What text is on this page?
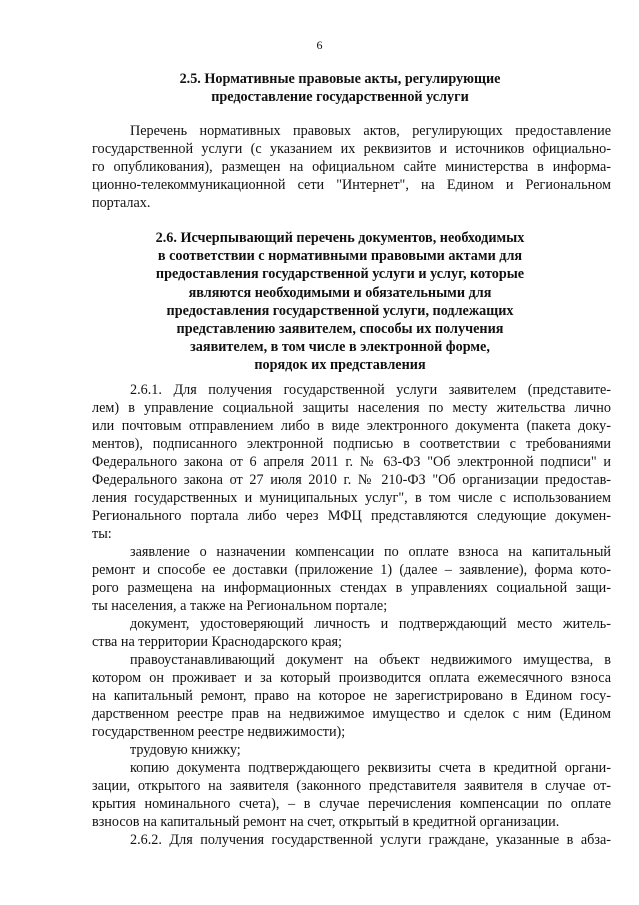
6
2.5. Нормативные правовые акты, регулирующие
предоставление государственной услуги
Перечень нормативных правовых актов, регулирующих предоставление
государственной услуги (с указанием их реквизитов и источников официально-
го опубликования), размещен на официальном сайте министерства в информа-
ционно-телекоммуникационной сети "Интернет", на Едином и Региональном
порталах.
2.6. Исчерпывающий перечень документов, необходимых
в соответствии с нормативными правовыми актами для
предоставления государственной услуги и услуг, которые
являются необходимыми и обязательными для
предоставления государственной услуги, подлежащих
представлению заявителем, способы их получения
заявителем, в том числе в электронной форме,
порядок их представления
2.6.1. Для получения государственной услуги заявителем (представите-
лем) в управление социальной защиты населения по месту жительства лично
или почтовым отправлением либо в виде электронного документа (пакета доку-
ментов), подписанного электронной подписью в соответствии с требованиями
Федерального закона от 6 апреля 2011 г. № 63-ФЗ "Об электронной подписи" и
Федерального закона от 27 июля 2010 г. № 210-ФЗ "Об организации предостав-
ления государственных и муниципальных услуг", в том числе с использованием
Регионального портала либо через МФЦ представляются следующие докумен-
ты:
заявление о назначении компенсации по оплате взноса на капитальный
ремонт и способе ее доставки (приложение 1) (далее – заявление), форма кото-
рого размещена на информационных стендах в управлениях социальной защи-
ты населения, а также на Региональном портале;
документ, удостоверяющий личность и подтверждающий место житель-
ства на территории Краснодарского края;
правоустанавливающий документ на объект недвижимого имущества, в
котором он проживает и за который производится оплата ежемесячного взноса
на капитальный ремонт, право на которое не зарегистрировано в Едином госу-
дарственном реестре прав на недвижимое имущество и сделок с ним (Едином
государственном реестре недвижимости);
трудовую книжку;
копию документа подтверждающего реквизиты счета в кредитной органи-
зации, открытого на заявителя (законного представителя заявителя в случае от-
крытия номинального счета), – в случае перечисления компенсации по оплате
взносов на капитальный ремонт на счет, открытый в кредитной организации.
2.6.2. Для получения государственной услуги граждане, указанные в абза-
